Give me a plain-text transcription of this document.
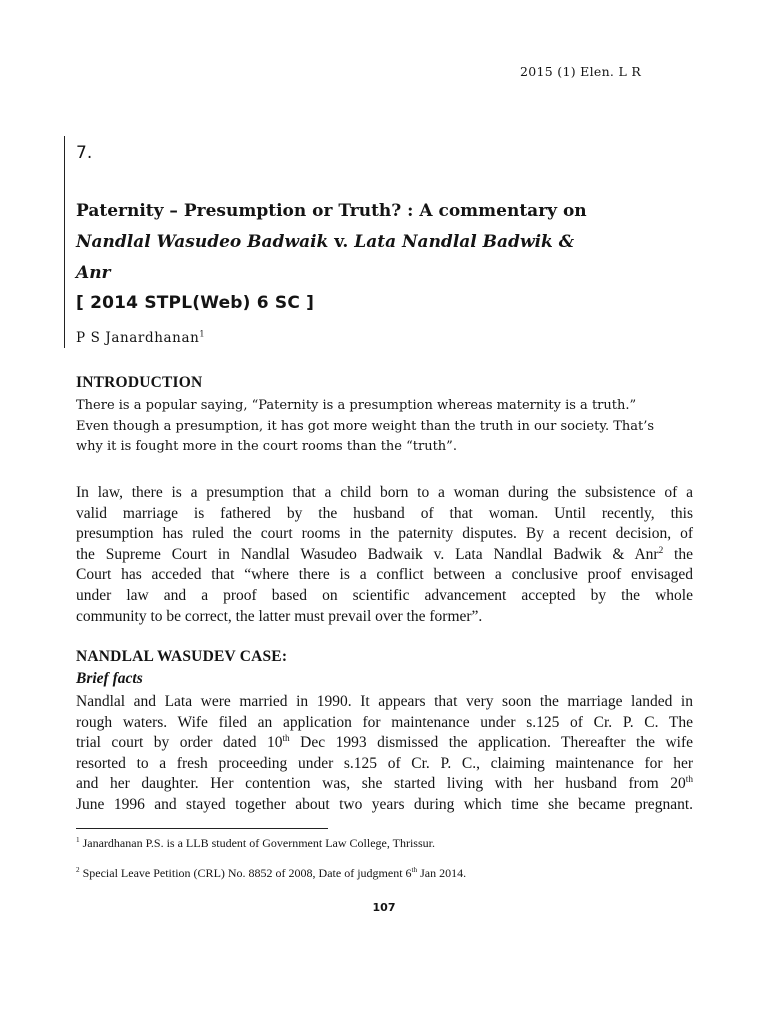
2015 (1) Elen. L R
7.
Paternity – Presumption or Truth? : A commentary on
Nandlal Wasudeo Badwaik v. Lata Nandlal Badwik &
Anr
[ 2014 STPL(Web) 6 SC ]
P S Janardhanan$^1$
INTRODUCTION
There is a popular saying, “Paternity is a presumption whereas maternity is a truth.”
Even though a presumption, it has got more weight than the truth in our society. That’s
why it is fought more in the court rooms than the “truth”.
In law, there is a presumption that a child born to a woman during the subsistence of a
valid marriage is fathered by the husband of that woman. Until recently, this
presumption has ruled the court rooms in the paternity disputes. By a recent decision, of
the Supreme Court in Nandlal Wasudeo Badwaik v. Lata Nandlal Badwik & Anr$^2$ the
Court has acceded that “where there is a conflict between a conclusive proof envisaged
under law and a proof based on scientific advancement accepted by the whole
community to be correct, the latter must prevail over the former”.
NANDLAL WASUDEV CASE:
Brief facts
Nandlal and Lata were married in 1990. It appears that very soon the marriage landed in
rough waters. Wife filed an application for maintenance under s.125 of Cr. P. C. The
trial court by order dated 10th Dec 1993 dismissed the application. Thereafter the wife
resorted to a fresh proceeding under s.125 of Cr. P. C., claiming maintenance for her
and her daughter. Her contention was, she started living with her husband from 20th
June 1996 and stayed together about two years during which time she became pregnant.
$^1$ Janardhanan P.S. is a LLB student of Government Law College, Thrissur.
$^2$ Special Leave Petition (CRL) No. 8852 of 2008, Date of judgment 6th Jan 2014.
107
